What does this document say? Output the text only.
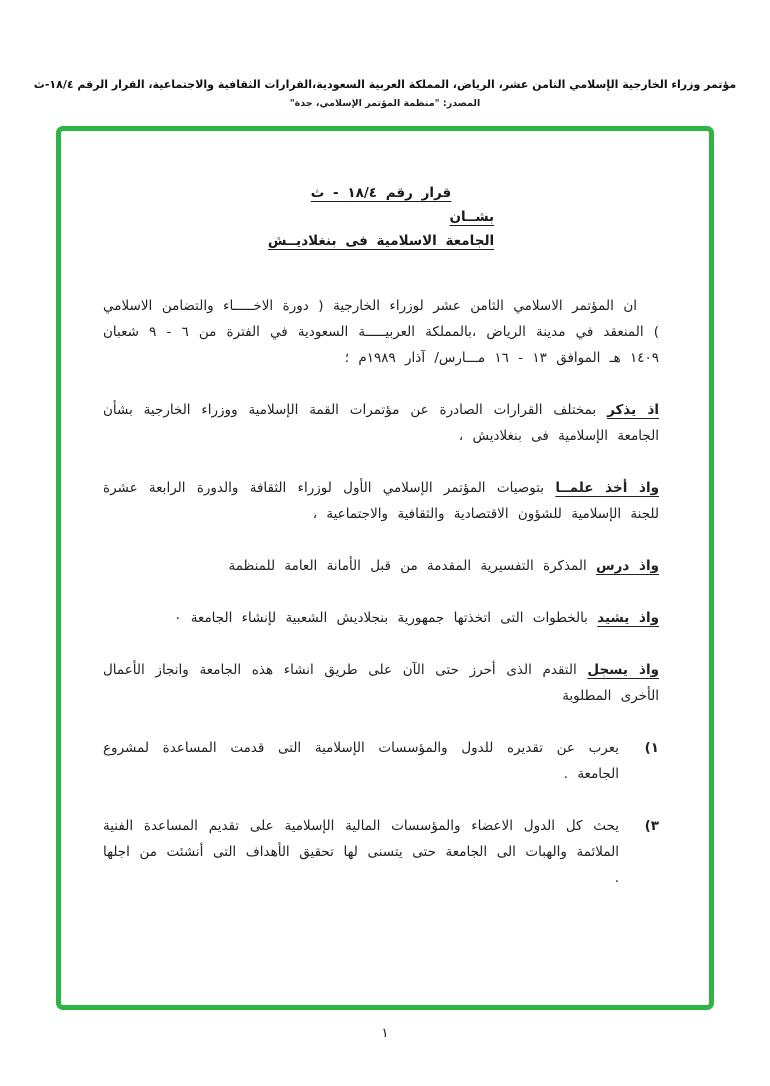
مؤتمر وزراء الخارجية الإسلامي الثامن عشر، الرياض، المملكة العربية السعودية،القرارات الثقافية والاجتماعية، القرار الرقم ١٨/٤-ث
المصدر: "منظمة المؤتمر الإسلامي، جدة"
قرار رقم ١٨/٤ - ث
بشــان
الجامعة الاسلامية فى بنغلاديــش

ان المؤتمر الاسلامي الثامن عشر لوزراء الخارجية ( دورة الاخـــــاء والتضامن الاسلامي ) المنعقد في مدينة الرياض ،بالمملكة العربيـــــة السعودية في الفترة من ٦ - ٩ شعبان ١٤٠٩ هـ الموافق ١٣ - ١٦ مـــارس/ آذار ١٩٨٩م ؛

اذ يذكر بمختلف القرارات الصادرة عن مؤتمرات القمة الإسلامية ووزراء الخارجية بشأن الجامعة الإسلامية فى بنغلاديش ،

واذ أخذ علمــا بتوصيات المؤتمر الإسلامي الأول لوزراء الثقافة والدورة الرابعة عشرة للجنة الإسلامية للشؤون الاقتصادية والثقافية والاجتماعية ،

واذ درس المذكرة التفسيرية المقدمة من قبل الأمانة العامة للمنظمة

واذ يشيد بالخطوات التى اتخذتها جمهورية بنجلاديش الشعبية لإنشاء الجامعة ٠

واذ يسجل التقدم الذى أحرز حتى الآن على طريق انشاء هذه الجامعة وانجاز الأعمال الأخرى المطلوبة

١)
يعرب عن تقديره للدول والمؤسسات الإسلامية التى قدمت المساعدة لمشروع الجامعة .
٣)
يحث كل الدول الاعضاء والمؤسسات المالية الإسلامية على تقديم المساعدة الفنية الملائمة والهبات الى الجامعة حتى يتسنى لها تحقيق الأهداف التى أنشئت من اجلها .
١
